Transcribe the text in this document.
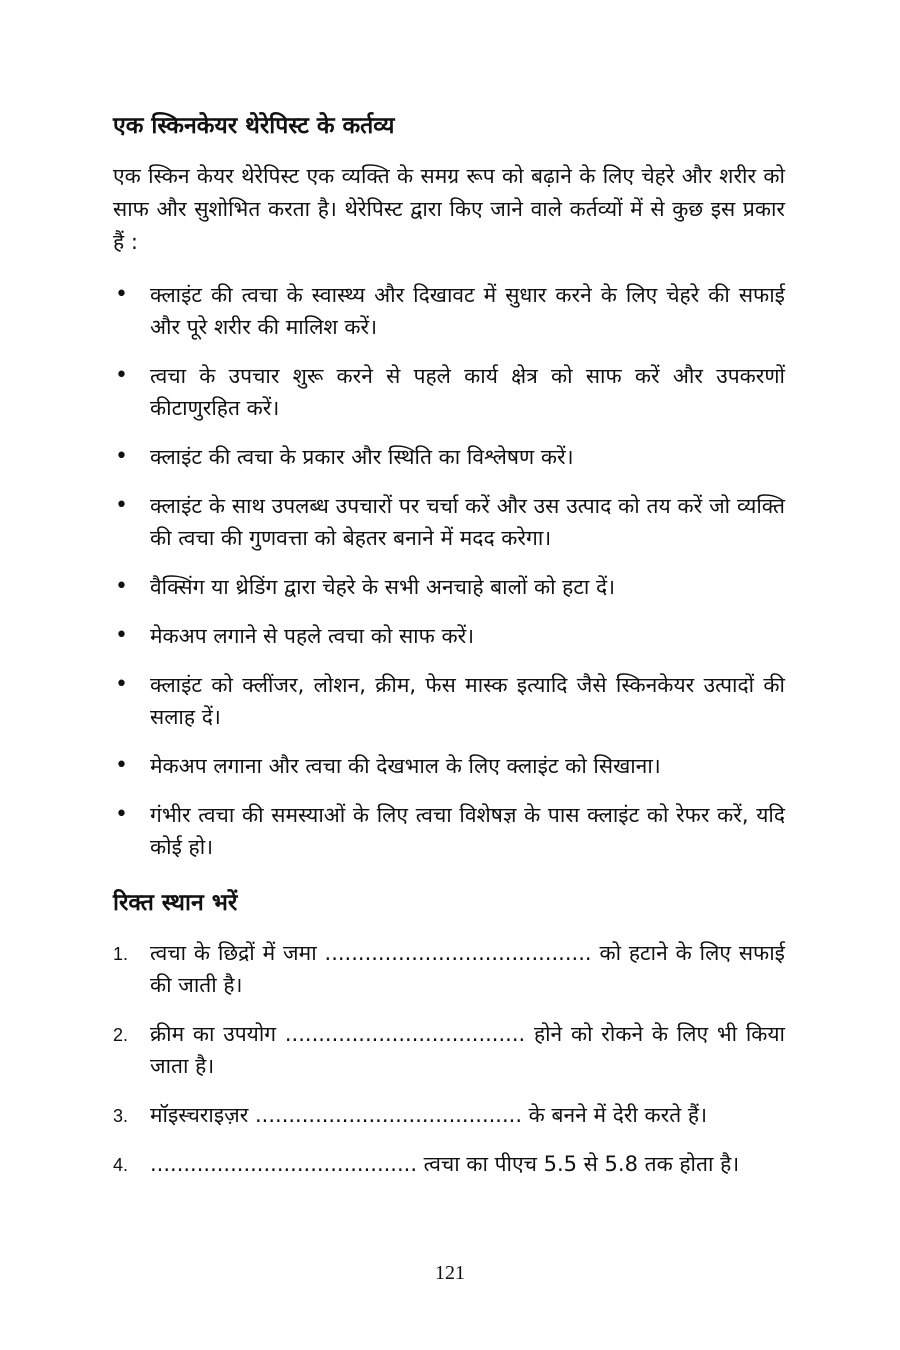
एक स्किनकेयर थेरेपिस्ट के कर्तव्य

एक स्किन केयर थेरेपिस्ट एक व्यक्ति के समग्र रूप को बढ़ाने के लिए चेहरे और शरीर को साफ और सुशोभित करता है। थेरेपिस्ट द्वारा किए जाने वाले कर्तव्यों में से कुछ इस प्रकार हैं :

• क्लाइंट की त्वचा के स्वास्थ्य और दिखावट में सुधार करने के लिए चेहरे की सफाई और पूरे शरीर की मालिश करें।
• त्वचा के उपचार शुरू करने से पहले कार्य क्षेत्र को साफ करें और उपकरणों कीटाणुरहित करें।
• क्लाइंट की त्वचा के प्रकार और स्थिति का विश्लेषण करें।
• क्लाइंट के साथ उपलब्ध उपचारों पर चर्चा करें और उस उत्पाद को तय करें जो व्यक्ति की त्वचा की गुणवत्ता को बेहतर बनाने में मदद करेगा।
• वैक्सिंग या थ्रेडिंग द्वारा चेहरे के सभी अनचाहे बालों को हटा दें।
• मेकअप लगाने से पहले त्वचा को साफ करें।
• क्लाइंट को क्लींजर, लोशन, क्रीम, फेस मास्क इत्यादि जैसे स्किनकेयर उत्पादों की सलाह दें।
• मेकअप लगाना और त्वचा की देखभाल के लिए क्लाइंट को सिखाना।
• गंभीर त्वचा की समस्याओं के लिए त्वचा विशेषज्ञ के पास क्लाइंट को रेफर करें, यदि कोई हो।
रिक्त स्थान भरें
1. त्वचा के छिद्रों में जमा ........................................ को हटाने के लिए सफाई की जाती है।
2. क्रीम का उपयोग .................................... होने को रोकने के लिए भी किया जाता है।
3. मॉइस्चराइज़र ........................................ के बनने में देरी करते हैं।
4. ........................................ त्वचा का पीएच 5.5 से 5.8 तक होता है।
121
